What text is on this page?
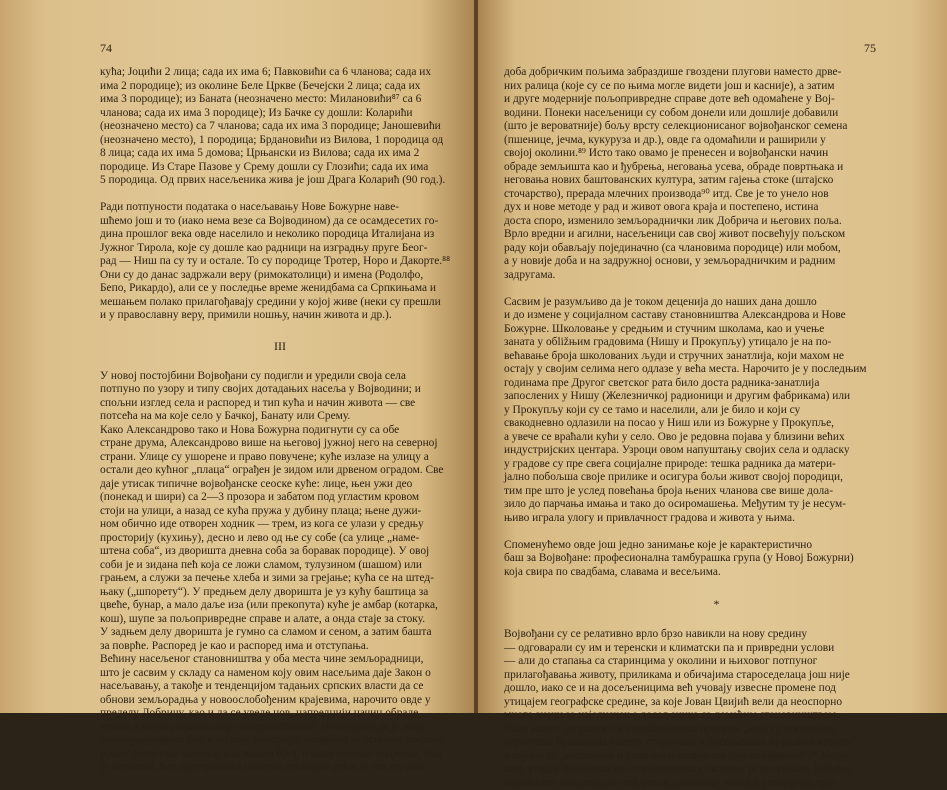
74
кућа; Јоцићи 2 лица; сада их има 6; Павковићи са 6 чланова; сада их
има 2 породице); из околине Беле Цркве (Бечејски 2 лица; сада их
има 3 породице); из Баната (неозначено место: Милановићи⁸⁷ са 6
чланова; сада их има 3 породице); Из Бачке су дошли: Коларићи
(неозначено место) са 7 чланова; сада их има 3 породице; Јаношевићи
(неозначено место), 1 породица; Брдановићи из Вилова, 1 породица од
8 лица; сада их има 5 домова; Црњански из Вилова; сада их има 2
породице. Из Старе Пазове у Срему дошли су Глозићи; сада их има
5 породица. Од првих насељеника жива је још Драга Коларић (90 год.).
Ради потпуности података о насељавању Нове Божурне наве-
шћемо још и то (иако нема везе са Војводином) да се осамдесетих го-
дина прошлог века овде населило и неколико породица Италијана из
Јужног Тирола, које су дошле као радници на изградњу пруге Беог-
рад — Ниш па су ту и остале. То су породице Тротер, Норо и Дакорте.⁸⁸
Они су до данас задржали веру (римокатолици) и имена (Родолфо,
Бепо, Рикардо), али се у последње време женидбама са Српкињама и
мешањем полако прилагођавају средини у којој живе (неки су прешли
и у православну веру, примили ношњу, начин живота и др.).
III
У новој постојбини Војвођани су подигли и уредили своја села
потпуно по узору и типу својих дотадањих насеља у Војводини; и
спољни изглед села и распоред и тип кућа и начин живота — све
потсећа на ма које село у Бачкој, Банату или Срему.
Како Александрово тако и Нова Божурна подигнути су са обе
стране друма, Александрово више на његовој јужној него на северној
страни. Улице су ушорене и право повучене; куће излазе на улицу а
остали део кућног „плаца“ ограђен је зидом или дрвеном оградом. Све
даје утисак типичне војвођанске сеоске куће: лице, њен ужи део
(понекад и шири) са 2—3 прозора и забатом под угластим кровом
стоји на улици, а назад се кућа пружа у дубину плаца; њене дужи-
ном обично иде отворен ходник — трем, из кога се улази у средњу
просторију (кухињу), десно и лево од ње су собе (са улице „наме-
штена соба“, из дворишта дневна соба за боравак породице). У овој
соби је и зидана пећ која се ложи сламом, тулузином (шашом) или
грањем, а служи за печење хлеба и зими за грејање; кућа се на штед-
њаку („шпорету“). У предњем делу дворишта је уз кућу баштица за
цвеће, бунар, а мало даље иза (или прекопута) куће је амбар (котарка,
кош), шупе за пољопривредне справе и алате, а онда стаје за стоку.
У задњем делу дворишта је гумно са сламом и сеном, а затим башта
за поврће. Распоред је као и распоред има и отступања.
Већину насељеног становништва у оба места чине земљорадници,
што је сасвим у складу са наменом коју овим насељима даје Закон о
насељавању, а такође и тенденцијом тадањих српских власти да се
обнови земљорадња у новоослобођеним крајевима, нарочито овде у
пределу Добричу, као и да се уведе нов, напреднији начин обраде
земље и њено рационалније искоришћавање. Неоспорно да је међу
земљорадницима био и по која занатлија, потребан за основне послове
једног ратарског насеља, али њихов број, о коме немамо података, био
је незнатан. Без претеривања можемо слободно рећи да тек од овог
75
доба добричким пољима забраздише гвоздени плугови наместо дрве-
них ралица (које су се по њима могле видети још и касније), а затим
и друге модерније пољопривредне справе доте већ одомаћене у Вој-
водини. Понеки насељеници су собом донели или дошлије добавили
(што је вероватније) бољу врсту селекционисаног војвођанског семена
(пшенице, јечма, кукуруза и др.), овде га одомаћили и раширили у
својој околини.⁸⁹ Исто тако овамо је пренесен и војвођански начин
обраде земљишта као и ђубрења, неговања усева, обраде повртњака и
неговања нових баштованских култура, затим гајења стоке (штајско
сточарство), прерада млечних производа⁹⁰ итд. Све је то унело нов
дух и нове методе у рад и живот овога краја и постепено, истина
доста споро, изменило земљораднички лик Добрича и његових поља.
Врло вредни и агилни, насељеници сав свој живот посвећују пољском
раду који обављају појединачно (са члановима породице) или мобом,
а у новије доба и на задружној основи, у земљорадничким и радним
задругама.
Сасвим је разумљиво да је током деценија до наших дана дошло
и до измене у социјалном саставу становништва Александрова и Нове
Божурне. Школовање у средњим и стучним школама, као и учење
заната у обližњим градовима (Нишу и Прокупљу) утицало је на по-
већавање броја школованих људи и стручних занатлија, који махом не
остају у својим селима него одлазе у већа места. Нарочито је у последњим
годинама пре Другог светског рата било доста радника-занатлија
запослених у Нишу (Железничкој радионици и другим фабрикама) или
у Прокупљу који су се тамо и населили, али је било и који су
свакодневно одлазили на посао у Ниш или из Божурне у Прокупље,
а увече се враћали кући у село. Ово је редовна појава у близини већих
индустријских центара. Узроци овом напуштању својих села и одласку
у градове су пре свега социјалне природе: тешка радника да матери-
јално побољша своје прилике и осигура бољи живот својој породици,
тим пре што је услед повећања броја њених чланова све више дола-
зило до парчања имања и тако до осиромашења. Међутим ту је несум-
њиво играла улогу и привлачност градова и живота у њима.
Споменућемо овде још једно занимање које је карактеристично
баш за Војвођане: професионална тамбурашка група (у Новој Божурни)
која свира по свадбама, славама и весељима.
*
Војвођани су се релативно врло брзо навикли на нову средину
— одговарали су им и теренски и климатски па и привредни услови
— али до стапања са старинцима у околини и њиховог потпуног
прилагођавања животу, приликама и обичајима староседелаца још није
дошло, иако се и на досељеницима већ учовају извесне промене под
утицајем географске средине, за које Јован Цвијић вели да неоспорно
много значи за изједначење досељеника са домаћим становништвом.
Томе много доприносе и етнобиолошки процеси „који су последица
укрштања браковима између старинаца и досељеника из разних крајева“,
а којима се „наспорава и етнички и социјално прилагођивање“.⁴¹ Међу-
тим, утицај Војвођана на староседелачку околину је несумњив. Нећемо
понављати оно што смо већ рекли о њиховој улози и утицају на при-
